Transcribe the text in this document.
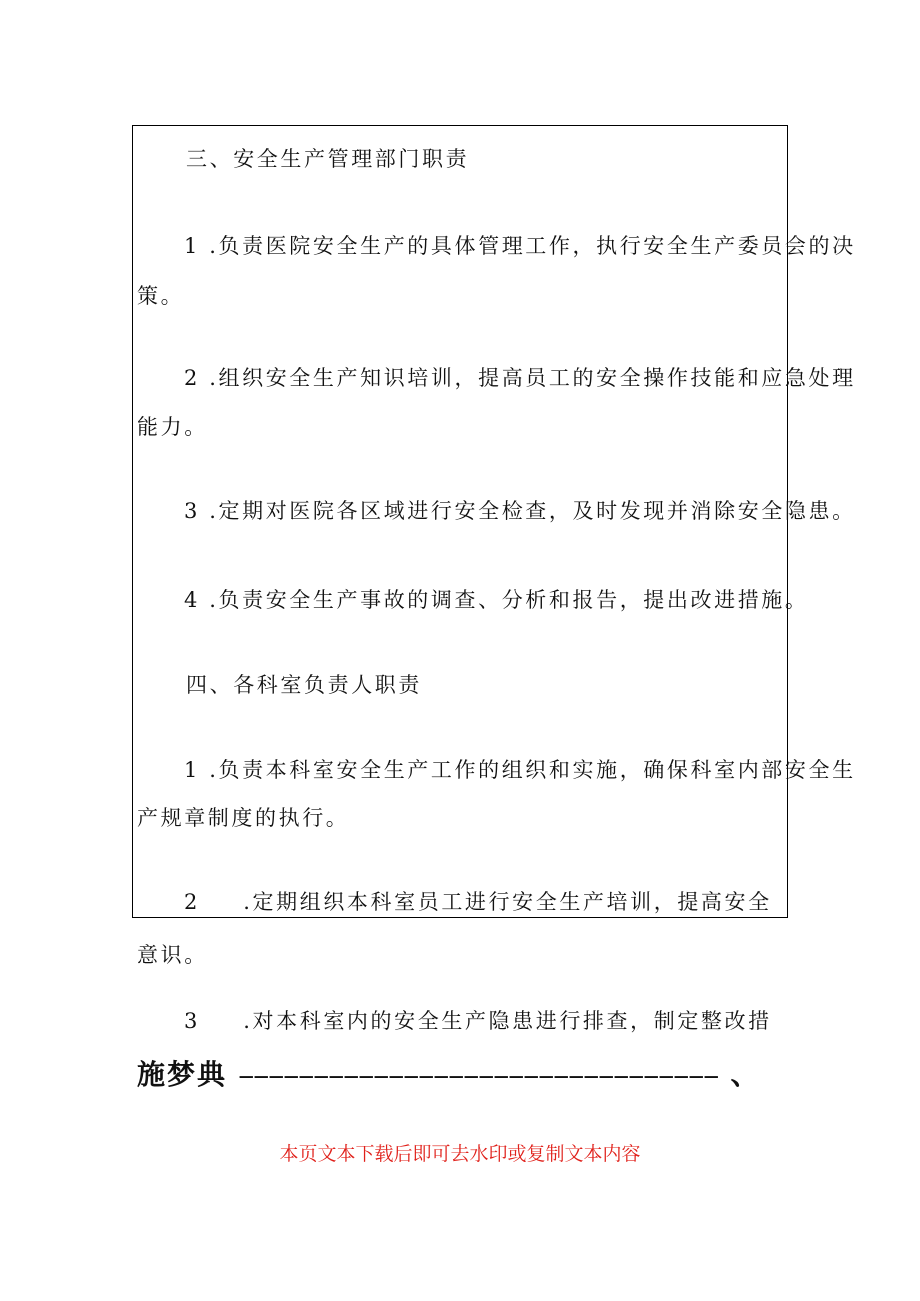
三、安全生产管理部门职责
1 .负责医院安全生产的具体管理工作，执行安全生产委员会的决
策。
2 .组织安全生产知识培训，提高员工的安全操作技能和应急处理
能力。
3 .定期对医院各区域进行安全检查，及时发现并消除安全隐患。
4 .负责安全生产事故的调查、分析和报告，提出改进措施。
四、各科室负责人职责
1 .负责本科室安全生产工作的组织和实施，确保科室内部安全生
产规章制度的执行。
2 .定期组织本科室员工进行安全生产培训，提高安全
意识。
3 .对本科室内的安全生产隐患进行排查，制定整改措
施梦典 ———————————————————————————————— 、
本页文本下载后即可去水印或复制文本内容
